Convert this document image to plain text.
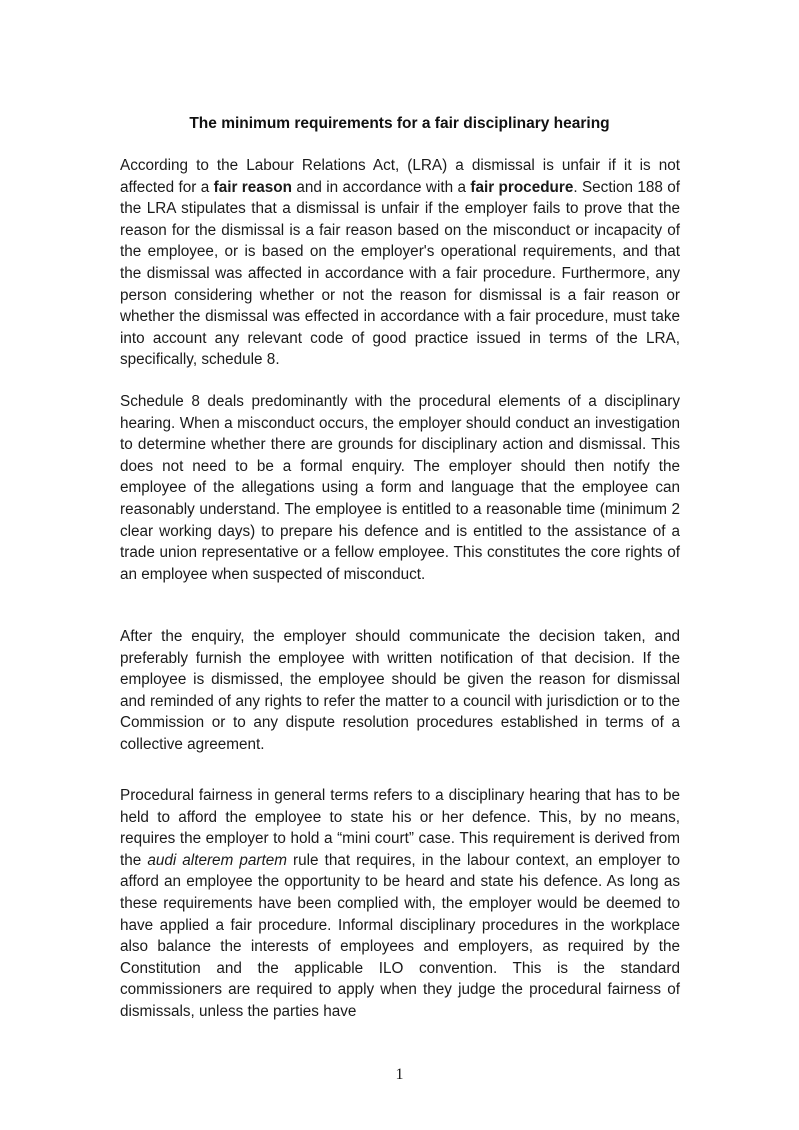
The minimum requirements for a fair disciplinary hearing

According to the Labour Relations Act, (LRA) a dismissal is unfair if it is not affected for a fair reason and in accordance with a fair procedure. Section 188 of the LRA stipulates that a dismissal is unfair if the employer fails to prove that the reason for the dismissal is a fair reason based on the misconduct or incapacity of the employee, or is based on the employer's operational requirements, and that the dismissal was affected in accordance with a fair procedure. Furthermore, any person considering whether or not the reason for dismissal is a fair reason or whether the dismissal was effected in accordance with a fair procedure, must take into account any relevant code of good practice issued in terms of the LRA, specifically, schedule 8.

Schedule 8 deals predominantly with the procedural elements of a disciplinary hearing. When a misconduct occurs, the employer should conduct an investigation to determine whether there are grounds for disciplinary action and dismissal. This does not need to be a formal enquiry. The employer should then notify the employee of the allegations using a form and language that the employee can reasonably understand. The employee is entitled to a reasonable time (minimum 2 clear working days) to prepare his defence and is entitled to the assistance of a trade union representative or a fellow employee. This constitutes the core rights of an employee when suspected of misconduct.

After the enquiry, the employer should communicate the decision taken, and preferably furnish the employee with written notification of that decision. If the employee is dismissed, the employee should be given the reason for dismissal and reminded of any rights to refer the matter to a council with jurisdiction or to the Commission or to any dispute resolution procedures established in terms of a collective agreement.

Procedural fairness in general terms refers to a disciplinary hearing that has to be held to afford the employee to state his or her defence. This, by no means, requires the employer to hold a “mini court” case. This requirement is derived from the audi alterem partem rule that requires, in the labour context, an employer to afford an employee the opportunity to be heard and state his defence. As long as these requirements have been complied with, the employer would be deemed to have applied a fair procedure. Informal disciplinary procedures in the workplace also balance the interests of employees and employers, as required by the Constitution and the applicable ILO convention. This is the standard commissioners are required to apply when they judge the procedural fairness of dismissals, unless the parties have

1
